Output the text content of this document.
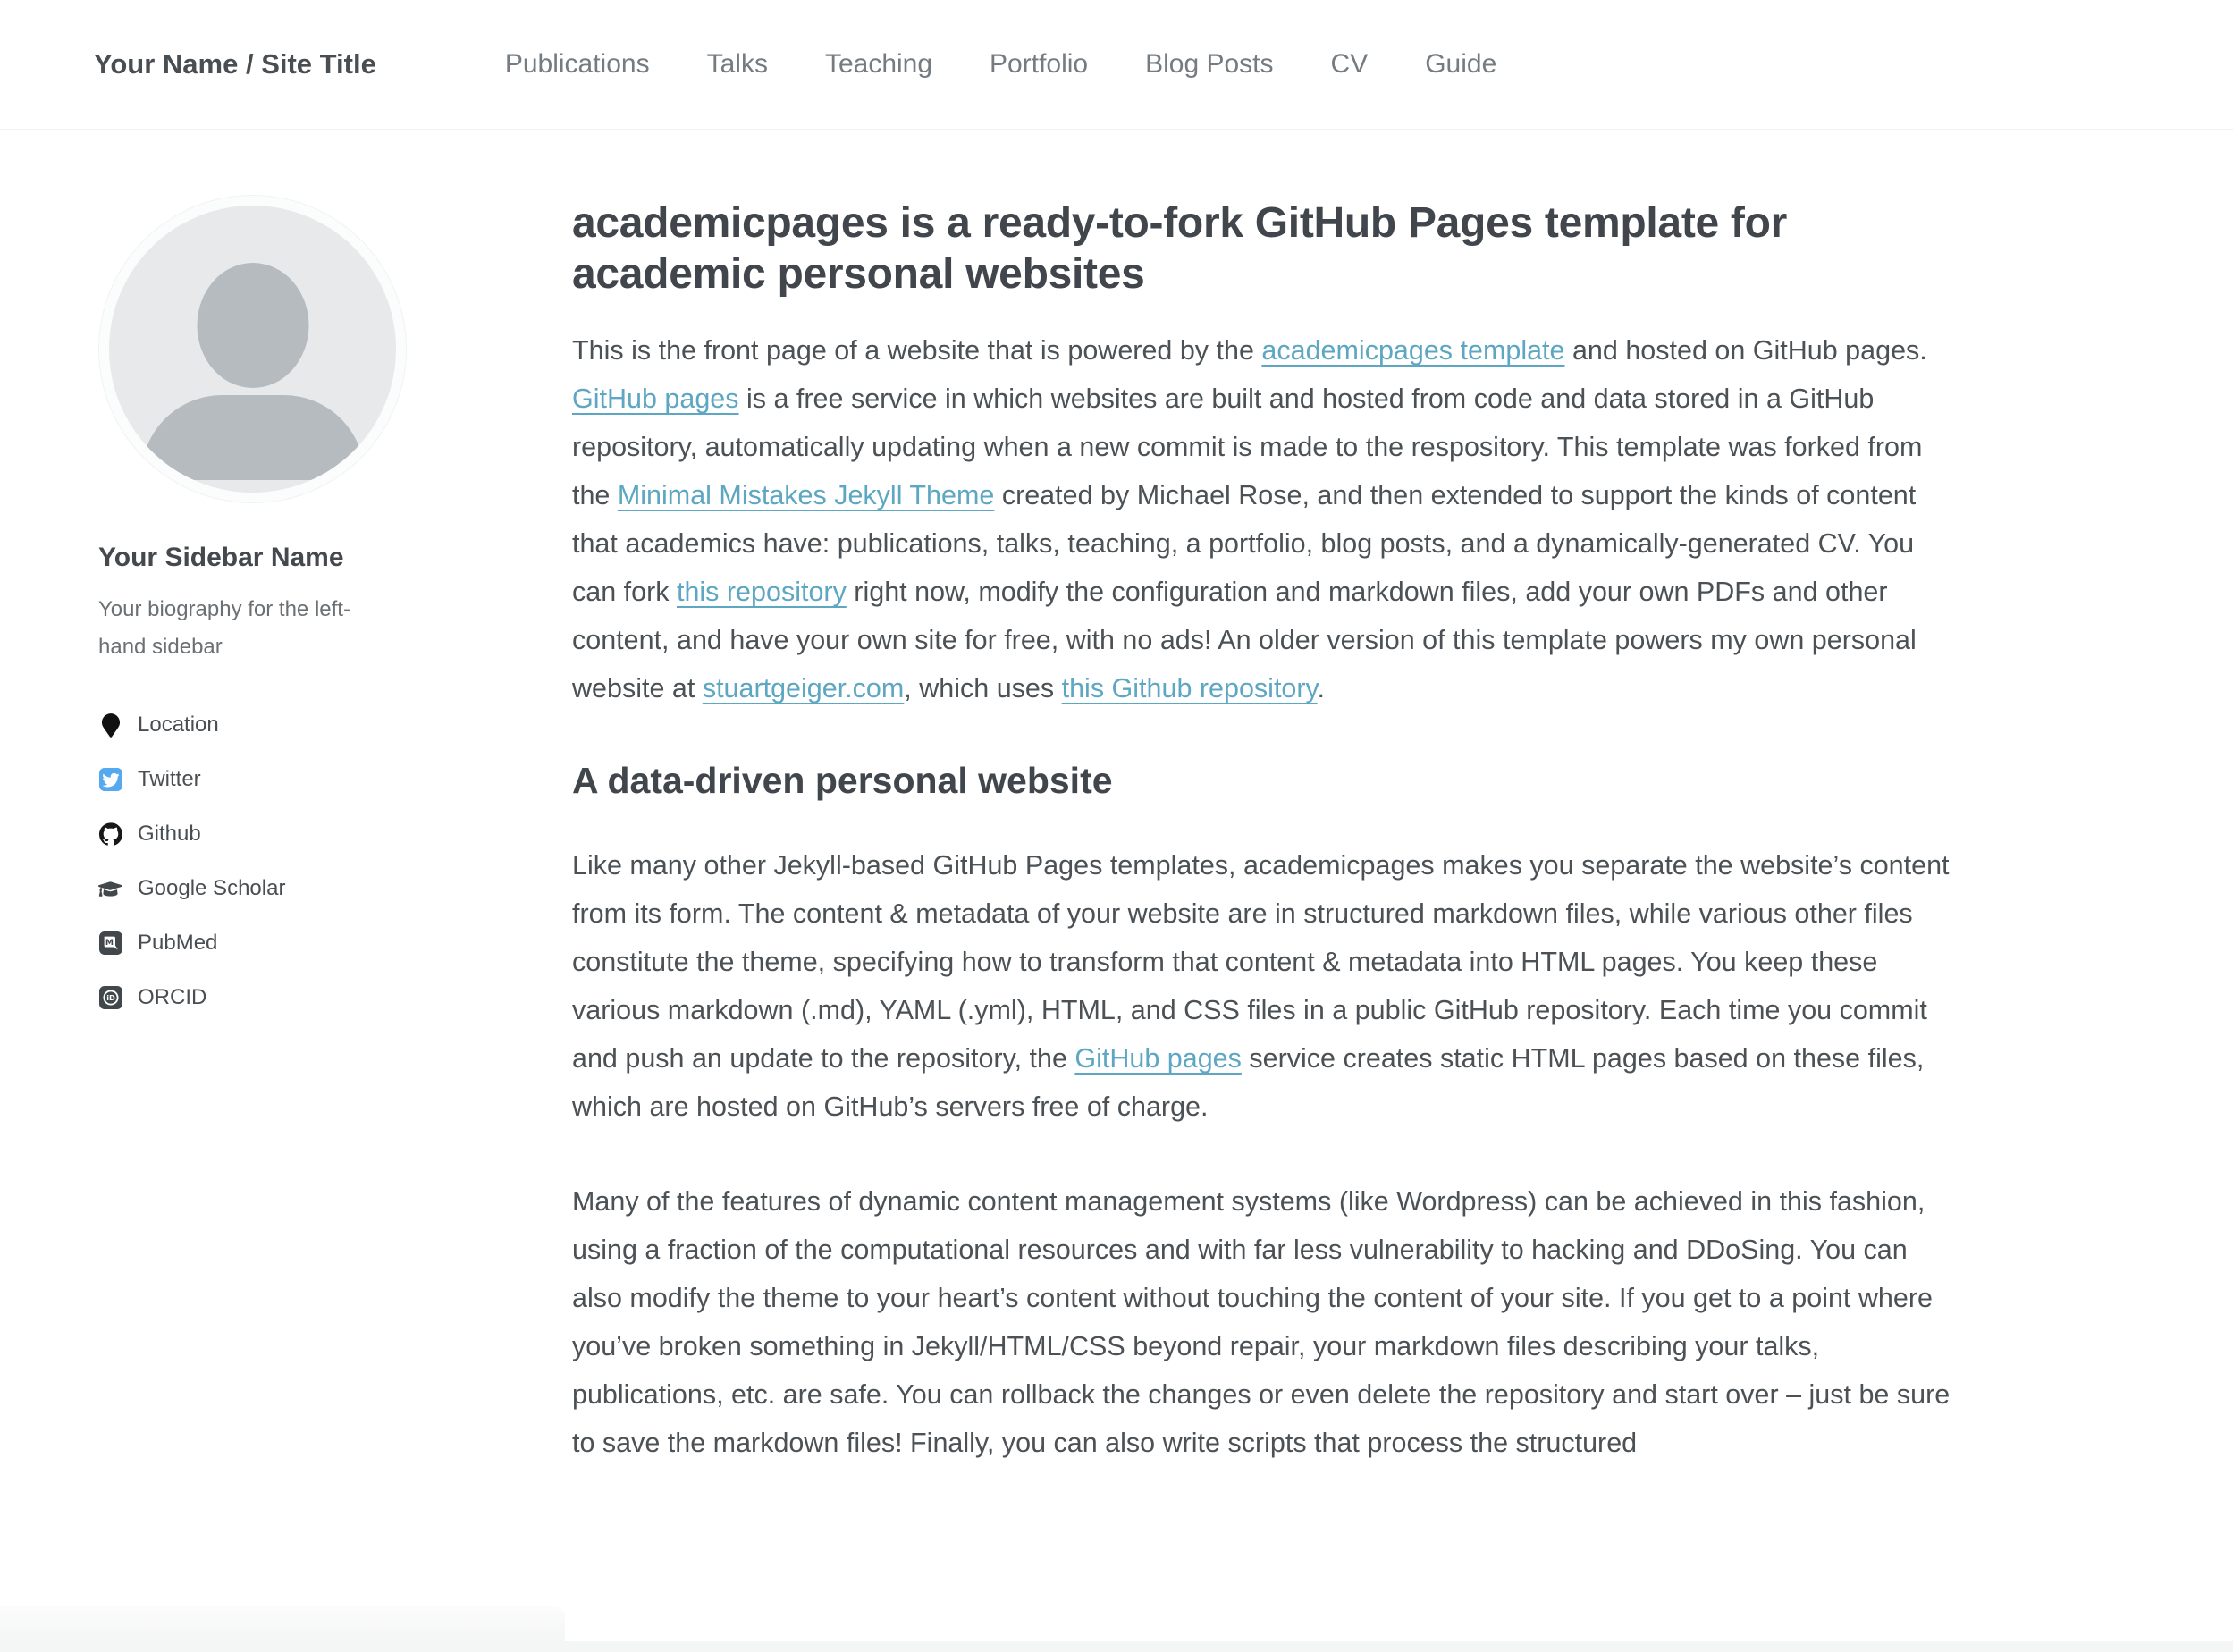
Your Name / Site Title	Publications Talks Teaching Portfolio Blog Posts CV Guide
Your Sidebar Name
Your biography for the left-hand sidebar
Location
Twitter
Github
Google Scholar
M PubMed
iD ORCID
academicpages is a ready-to-fork GitHub Pages template for academic personal websites

This is the front page of a website that is powered by the academicpages template and hosted on GitHub pages. GitHub pages is a free service in which websites are built and hosted from code and data stored in a GitHub repository, automatically updating when a new commit is made to the respository. This template was forked from the Minimal Mistakes Jekyll Theme created by Michael Rose, and then extended to support the kinds of content that academics have: publications, talks, teaching, a portfolio, blog posts, and a dynamically-generated CV. You can fork this repository right now, modify the configuration and markdown files, add your own PDFs and other content, and have your own site for free, with no ads! An older version of this template powers my own personal website at stuartgeiger.com, which uses this Github repository.

A data-driven personal website

Like many other Jekyll-based GitHub Pages templates, academicpages makes you separate the website’s content from its form. The content & metadata of your website are in structured markdown files, while various other files constitute the theme, specifying how to transform that content & metadata into HTML pages. You keep these various markdown (.md), YAML (.yml), HTML, and CSS files in a public GitHub repository. Each time you commit and push an update to the repository, the GitHub pages service creates static HTML pages based on these files, which are hosted on GitHub’s servers free of charge.

Many of the features of dynamic content management systems (like Wordpress) can be achieved in this fashion, using a fraction of the computational resources and with far less vulnerability to hacking and DDoSing. You can also modify the theme to your heart’s content without touching the content of your site. If you get to a point where you’ve broken something in Jekyll/HTML/CSS beyond repair, your markdown files describing your talks, publications, etc. are safe. You can rollback the changes or even delete the repository and start over – just be sure to save the markdown files! Finally, you can also write scripts that process the structured
